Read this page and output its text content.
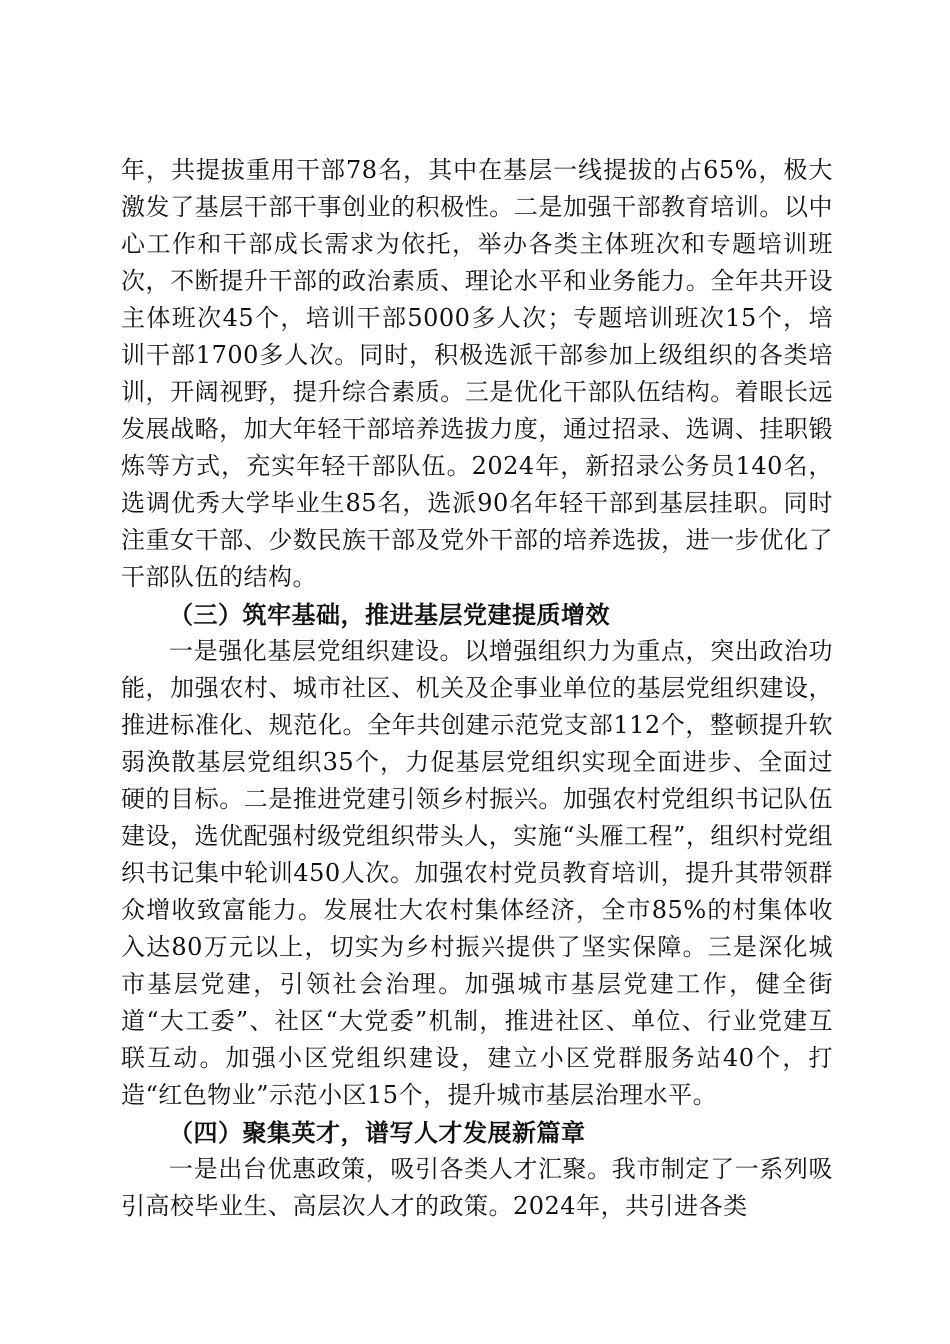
年，共提拔重用干部78名，其中在基层一线提拔的占65%，极大激发了基层干部干事创业的积极性。二是加强干部教育培训。以中心工作和干部成长需求为依托，举办各类主体班次和专题培训班次，不断提升干部的政治素质、理论水平和业务能力。全年共开设主体班次45个，培训干部5000多人次；专题培训班次15个，培训干部1700多人次。同时，积极选派干部参加上级组织的各类培训，开阔视野，提升综合素质。三是优化干部队伍结构。着眼长远发展战略，加大年轻干部培养选拔力度，通过招录、选调、挂职锻炼等方式，充实年轻干部队伍。2024年，新招录公务员140名，选调优秀大学毕业生85名，选派90名年轻干部到基层挂职。同时注重女干部、少数民族干部及党外干部的培养选拔，进一步优化了干部队伍的结构。

（三）筑牢基础，推进基层党建提质增效

一是强化基层党组织建设。以增强组织力为重点，突出政治功能，加强农村、城市社区、机关及企事业单位的基层党组织建设，推进标准化、规范化。全年共创建示范党支部112个，整顿提升软弱涣散基层党组织35个，力促基层党组织实现全面进步、全面过硬的目标。二是推进党建引领乡村振兴。加强农村党组织书记队伍建设，选优配强村级党组织带头人，实施“头雁工程”，组织村党组织书记集中轮训450人次。加强农村党员教育培训，提升其带领群众增收致富能力。发展壮大农村集体经济，全市85%的村集体收入达80万元以上，切实为乡村振兴提供了坚实保障。三是深化城市基层党建，引领社会治理。加强城市基层党建工作，健全街道“大工委”、社区“大党委”机制，推进社区、单位、行业党建互联互动。加强小区党组织建设，建立小区党群服务站40个，打造“红色物业”示范小区15个，提升城市基层治理水平。

（四）聚集英才，谱写人才发展新篇章

一是出台优惠政策，吸引各类人才汇聚。我市制定了一系列吸引高校毕业生、高层次人才的政策。2024年，共引进各类
